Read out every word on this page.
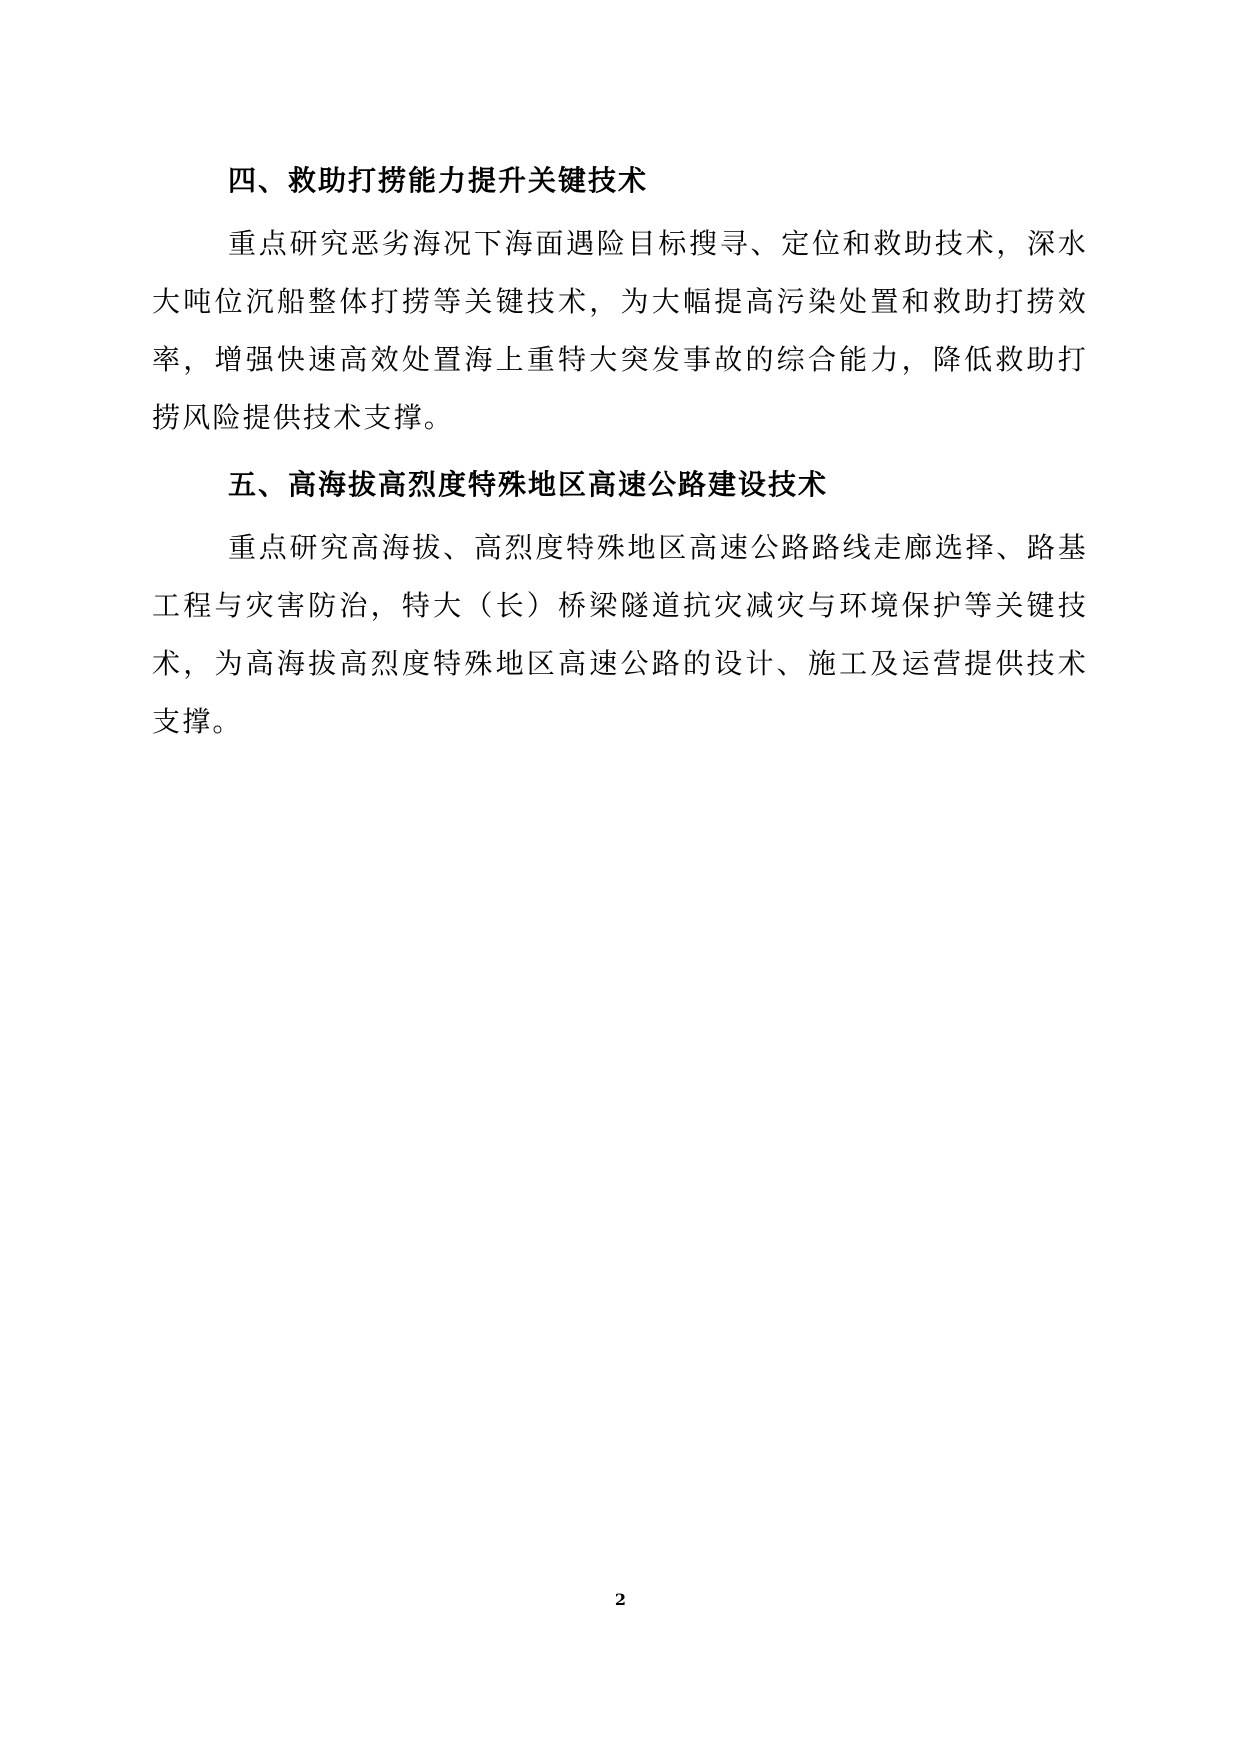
四、救助打捞能力提升关键技术

重点研究恶劣海况下海面遇险目标搜寻、定位和救助技术，深水大吨位沉船整体打捞等关键技术，为大幅提高污染处置和救助打捞效率，增强快速高效处置海上重特大突发事故的综合能力，降低救助打捞风险提供技术支撑。

五、高海拔高烈度特殊地区高速公路建设技术

重点研究高海拔、高烈度特殊地区高速公路路线走廊选择、路基工程与灾害防治，特大（长）桥梁隧道抗灾减灾与环境保护等关键技术，为高海拔高烈度特殊地区高速公路的设计、施工及运营提供技术支撑。

2
